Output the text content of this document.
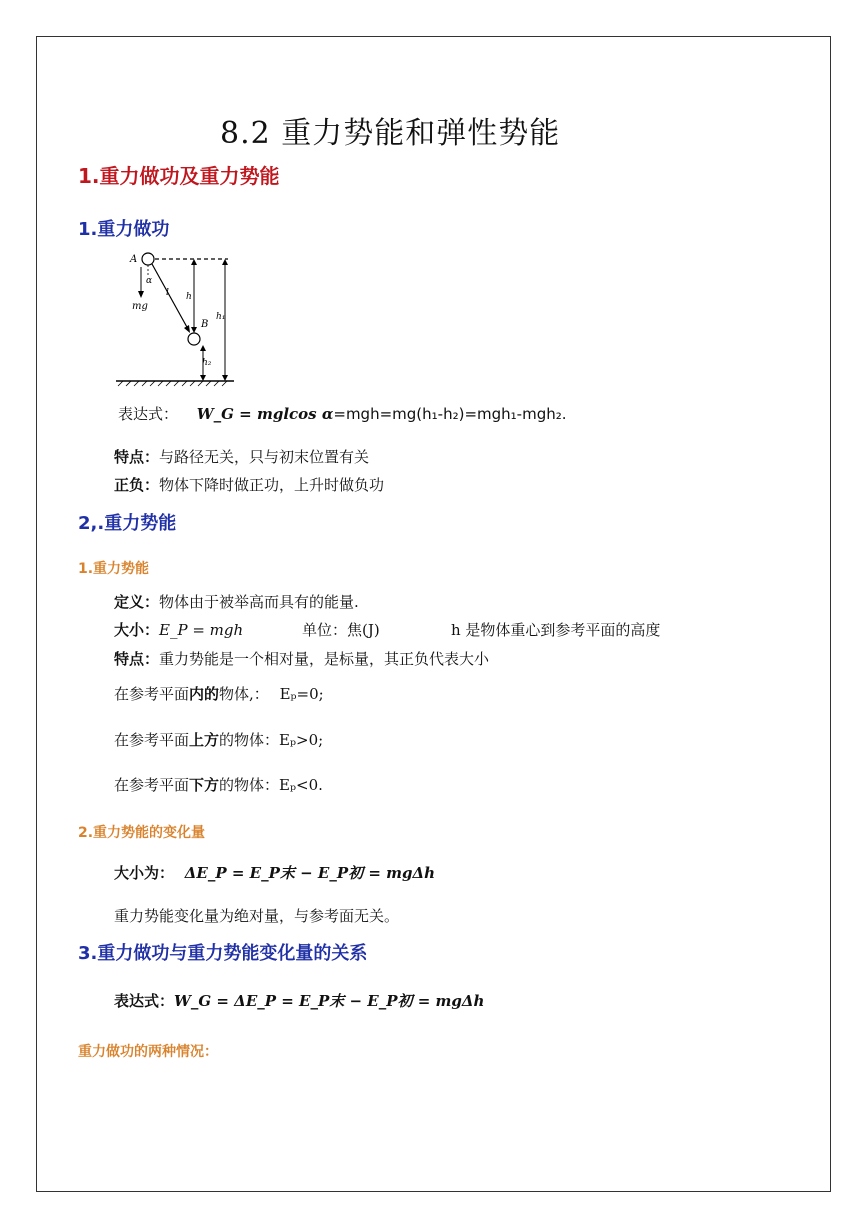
8.2 重力势能和弹性势能
1.重力做功及重力势能
1.重力做功
A
α
mg
l
B
h
h₁
h₂
表达式： W_G = mglcos α=mgh=mg(h₁-h₂)=mgh₁-mgh₂.
特点：与路径无关，只与初末位置有关
正负：物体下降时做正功，上升时做负功
2,.重力势能
1.重力势能
定义：物体由于被举高而具有的能量.
大小：E_P = mgh	单位：焦(J)	h 是物体重心到参考平面的高度
特点：重力势能是一个相对量，是标量，其正负代表大小
在参考平面内的物体,： Eₚ=0;
在参考平面上方的物体：Eₚ>0;
在参考平面下方的物体：Eₚ<0.
2.重力势能的变化量
大小为： ΔE_P = E_P末 − E_P初 = mgΔh
重力势能变化量为绝对量，与参考面无关。
3.重力做功与重力势能变化量的关系
表达式：W_G = ΔE_P = E_P末 − E_P初 = mgΔh
重力做功的两种情况：
